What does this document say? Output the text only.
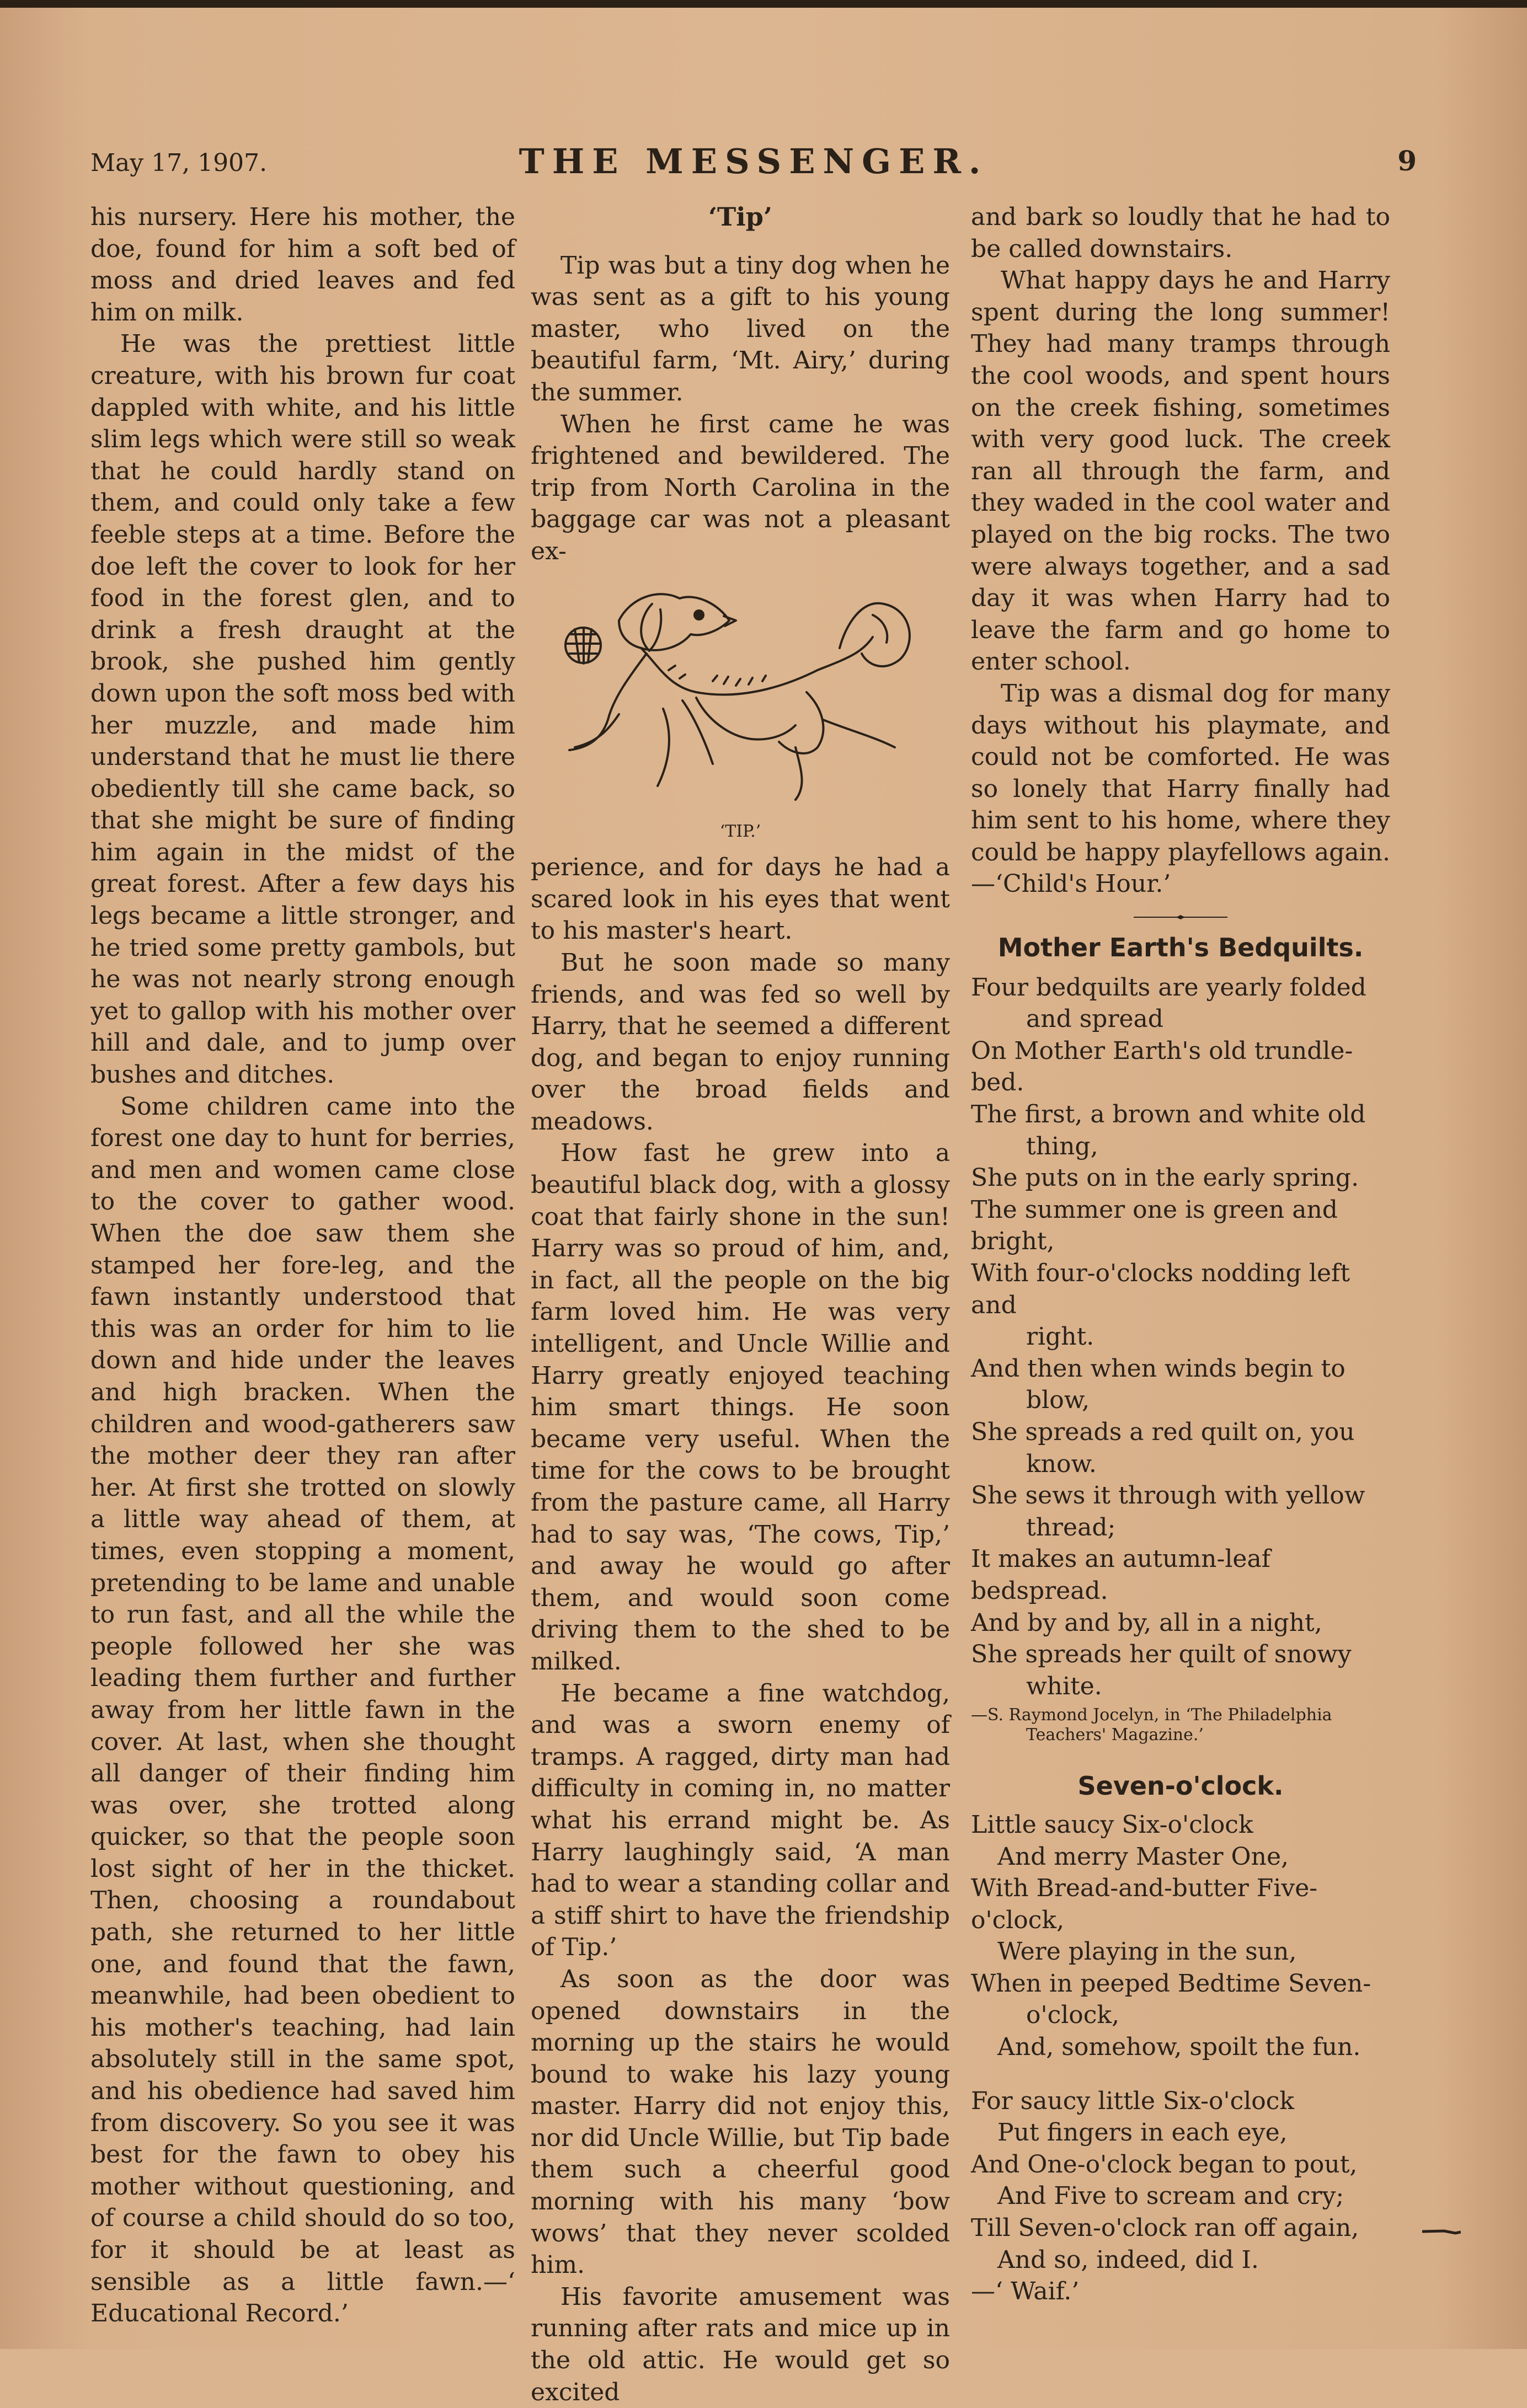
May 17, 1907.	THE MESSENGER.	9

his nursery. Here his mother, the doe, found for him a soft bed of moss and dried leaves and fed him on milk.

He was the prettiest little creature, with his brown fur coat dappled with white, and his little slim legs which were still so weak that he could hardly stand on them, and could only take a few feeble steps at a time. Before the doe left the cover to look for her food in the forest glen, and to drink a fresh draught at the brook, she pushed him gently down upon the soft moss bed with her muzzle, and made him understand that he must lie there obediently till she came back, so that she might be sure of finding him again in the midst of the great forest. After a few days his legs became a little stronger, and he tried some pretty gambols, but he was not nearly strong enough yet to gallop with his mother over hill and dale, and to jump over bushes and ditches.

Some children came into the forest one day to hunt for berries, and men and women came close to the cover to gather wood. When the doe saw them she stamped her fore-leg, and the fawn instantly understood that this was an order for him to lie down and hide under the leaves and high bracken. When the children and wood-gatherers saw the mother deer they ran after her. At first she trotted on slowly a little way ahead of them, at times, even stopping a moment, pretending to be lame and unable to run fast, and all the while the people followed her she was leading them further and further away from her little fawn in the cover. At last, when she thought all danger of their finding him was over, she trotted along quicker, so that the people soon lost sight of her in the thicket. Then, choosing a roundabout path, she returned to her little one, and found that the fawn, meanwhile, had been obedient to his mother's teaching, had lain absolutely still in the same spot, and his obedience had saved him from discovery. So you see it was best for the fawn to obey his mother without questioning, and of course a child should do so too, for it should be at least as sensible as a little fawn.—‘ Educational Record.’

‘Tip’

Tip was but a tiny dog when he was sent as a gift to his young master, who lived on the beautiful farm, ‘Mt. Airy,’ during the summer.

When he first came he was frightened and bewildered. The trip from North Carolina in the baggage car was not a pleasant ex-

‘TIP.’

perience, and for days he had a scared look in his eyes that went to his master's heart.

But he soon made so many friends, and was fed so well by Harry, that he seemed a different dog, and began to enjoy running over the broad fields and meadows.

How fast he grew into a beautiful black dog, with a glossy coat that fairly shone in the sun! Harry was so proud of him, and, in fact, all the people on the big farm loved him. He was very intelligent, and Uncle Willie and Harry greatly enjoyed teaching him smart things. He soon became very useful. When the time for the cows to be brought from the pasture came, all Harry had to say was, ‘The cows, Tip,’ and away he would go after them, and would soon come driving them to the shed to be milked.

He became a fine watchdog, and was a sworn enemy of tramps. A ragged, dirty man had difficulty in coming in, no matter what his errand might be. As Harry laughingly said, ‘A man had to wear a standing collar and a stiff shirt to have the friendship of Tip.’

As soon as the door was opened downstairs in the morning up the stairs he would bound to wake his lazy young master. Harry did not enjoy this, nor did Uncle Willie, but Tip bade them such a cheerful good morning with his many ‘bow wows’ that they never scolded him.

His favorite amusement was running after rats and mice up in the old attic. He would get so excited

and bark so loudly that he had to be called downstairs.

What happy days he and Harry spent during the long summer! They had many tramps through the cool woods, and spent hours on the creek fishing, sometimes with very good luck. The creek ran all through the farm, and they waded in the cool water and played on the big rocks. The two were always together, and a sad day it was when Harry had to leave the farm and go home to enter school.

Tip was a dismal dog for many days without his playmate, and could not be comforted. He was so lonely that Harry finally had him sent to his home, where they could be happy playfellows again.—‘Child's Hour.’

Mother Earth's Bedquilts.

Four bedquilts are yearly folded
and spread
On Mother Earth's old trundle-bed.
The first, a brown and white old
thing,
She puts on in the early spring.
The summer one is green and bright,
With four-o'clocks nodding left and
right.
And then when winds begin to
blow,
She spreads a red quilt on, you
know.
She sews it through with yellow
thread;
It makes an autumn-leaf bedspread.
And by and by, all in a night,
She spreads her quilt of snowy
white.
—S. Raymond Jocelyn, in ‘The Philadelphia
Teachers' Magazine.’

Seven-o'clock.

Little saucy Six-o'clock
And merry Master One,
With Bread-and-butter Five-o'clock,
Were playing in the sun,
When in peeped Bedtime Seven-
o'clock,
And, somehow, spoilt the fun.
For saucy little Six-o'clock
Put fingers in each eye,
And One-o'clock began to pout,
And Five to scream and cry;
Till Seven-o'clock ran off again,
And so, indeed, did I.
—‘ Waif.’
